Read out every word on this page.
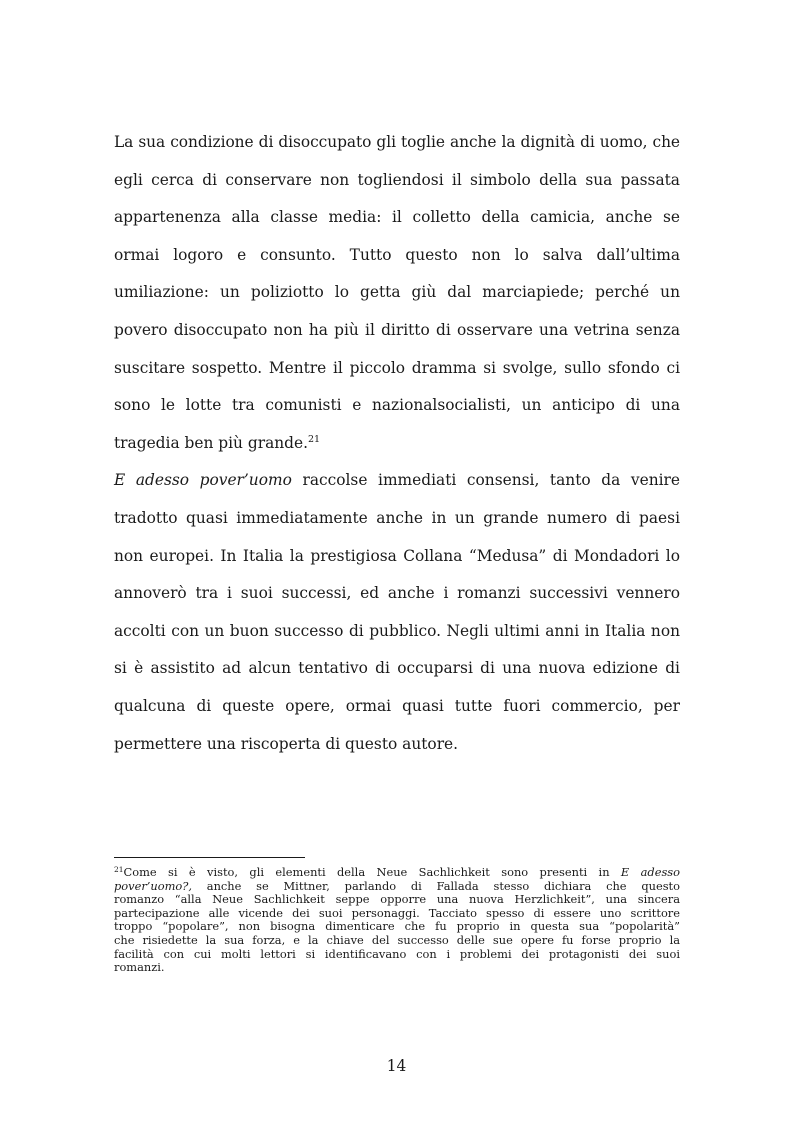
La sua condizione di disoccupato gli toglie anche la dignità di uomo, che
egli cerca di conservare non togliendosi il simbolo della sua passata
appartenenza alla classe media: il colletto della camicia, anche se
ormai logoro e consunto. Tutto questo non lo salva dall’ultima
umiliazione: un poliziotto lo getta giù dal marciapiede; perché un
povero disoccupato non ha più il diritto di osservare una vetrina senza
suscitare sospetto. Mentre il piccolo dramma si svolge, sullo sfondo ci
sono le lotte tra comunisti e nazionalsocialisti, un anticipo di una
tragedia ben più grande.$^{21}$
E adesso pover’uomo raccolse immediati consensi, tanto da venire
tradotto quasi immediatamente anche in un grande numero di paesi
non europei. In Italia la prestigiosa Collana “Medusa” di Mondadori lo
annoverò tra i suoi successi, ed anche i romanzi successivi vennero
accolti con un buon successo di pubblico. Negli ultimi anni in Italia non
si è assistito ad alcun tentativo di occuparsi di una nuova edizione di
qualcuna di queste opere, ormai quasi tutte fuori commercio, per
permettere una riscoperta di questo autore.
$^{21}$Come si è visto, gli elementi della Neue Sachlichkeit sono presenti in E adesso
pover’uomo?, anche se Mittner, parlando di Fallada stesso dichiara che questo
romanzo “alla Neue Sachlichkeit seppe opporre una nuova Herzlichkeit”, una sincera
partecipazione alle vicende dei suoi personaggi. Tacciato spesso di essere uno scrittore
troppo “popolare”, non bisogna dimenticare che fu proprio in questa sua “popolarità”
che risiedette la sua forza, e la chiave del successo delle sue opere fu forse proprio la
facilità con cui molti lettori si identificavano con i problemi dei protagonisti dei suoi
romanzi.
14
